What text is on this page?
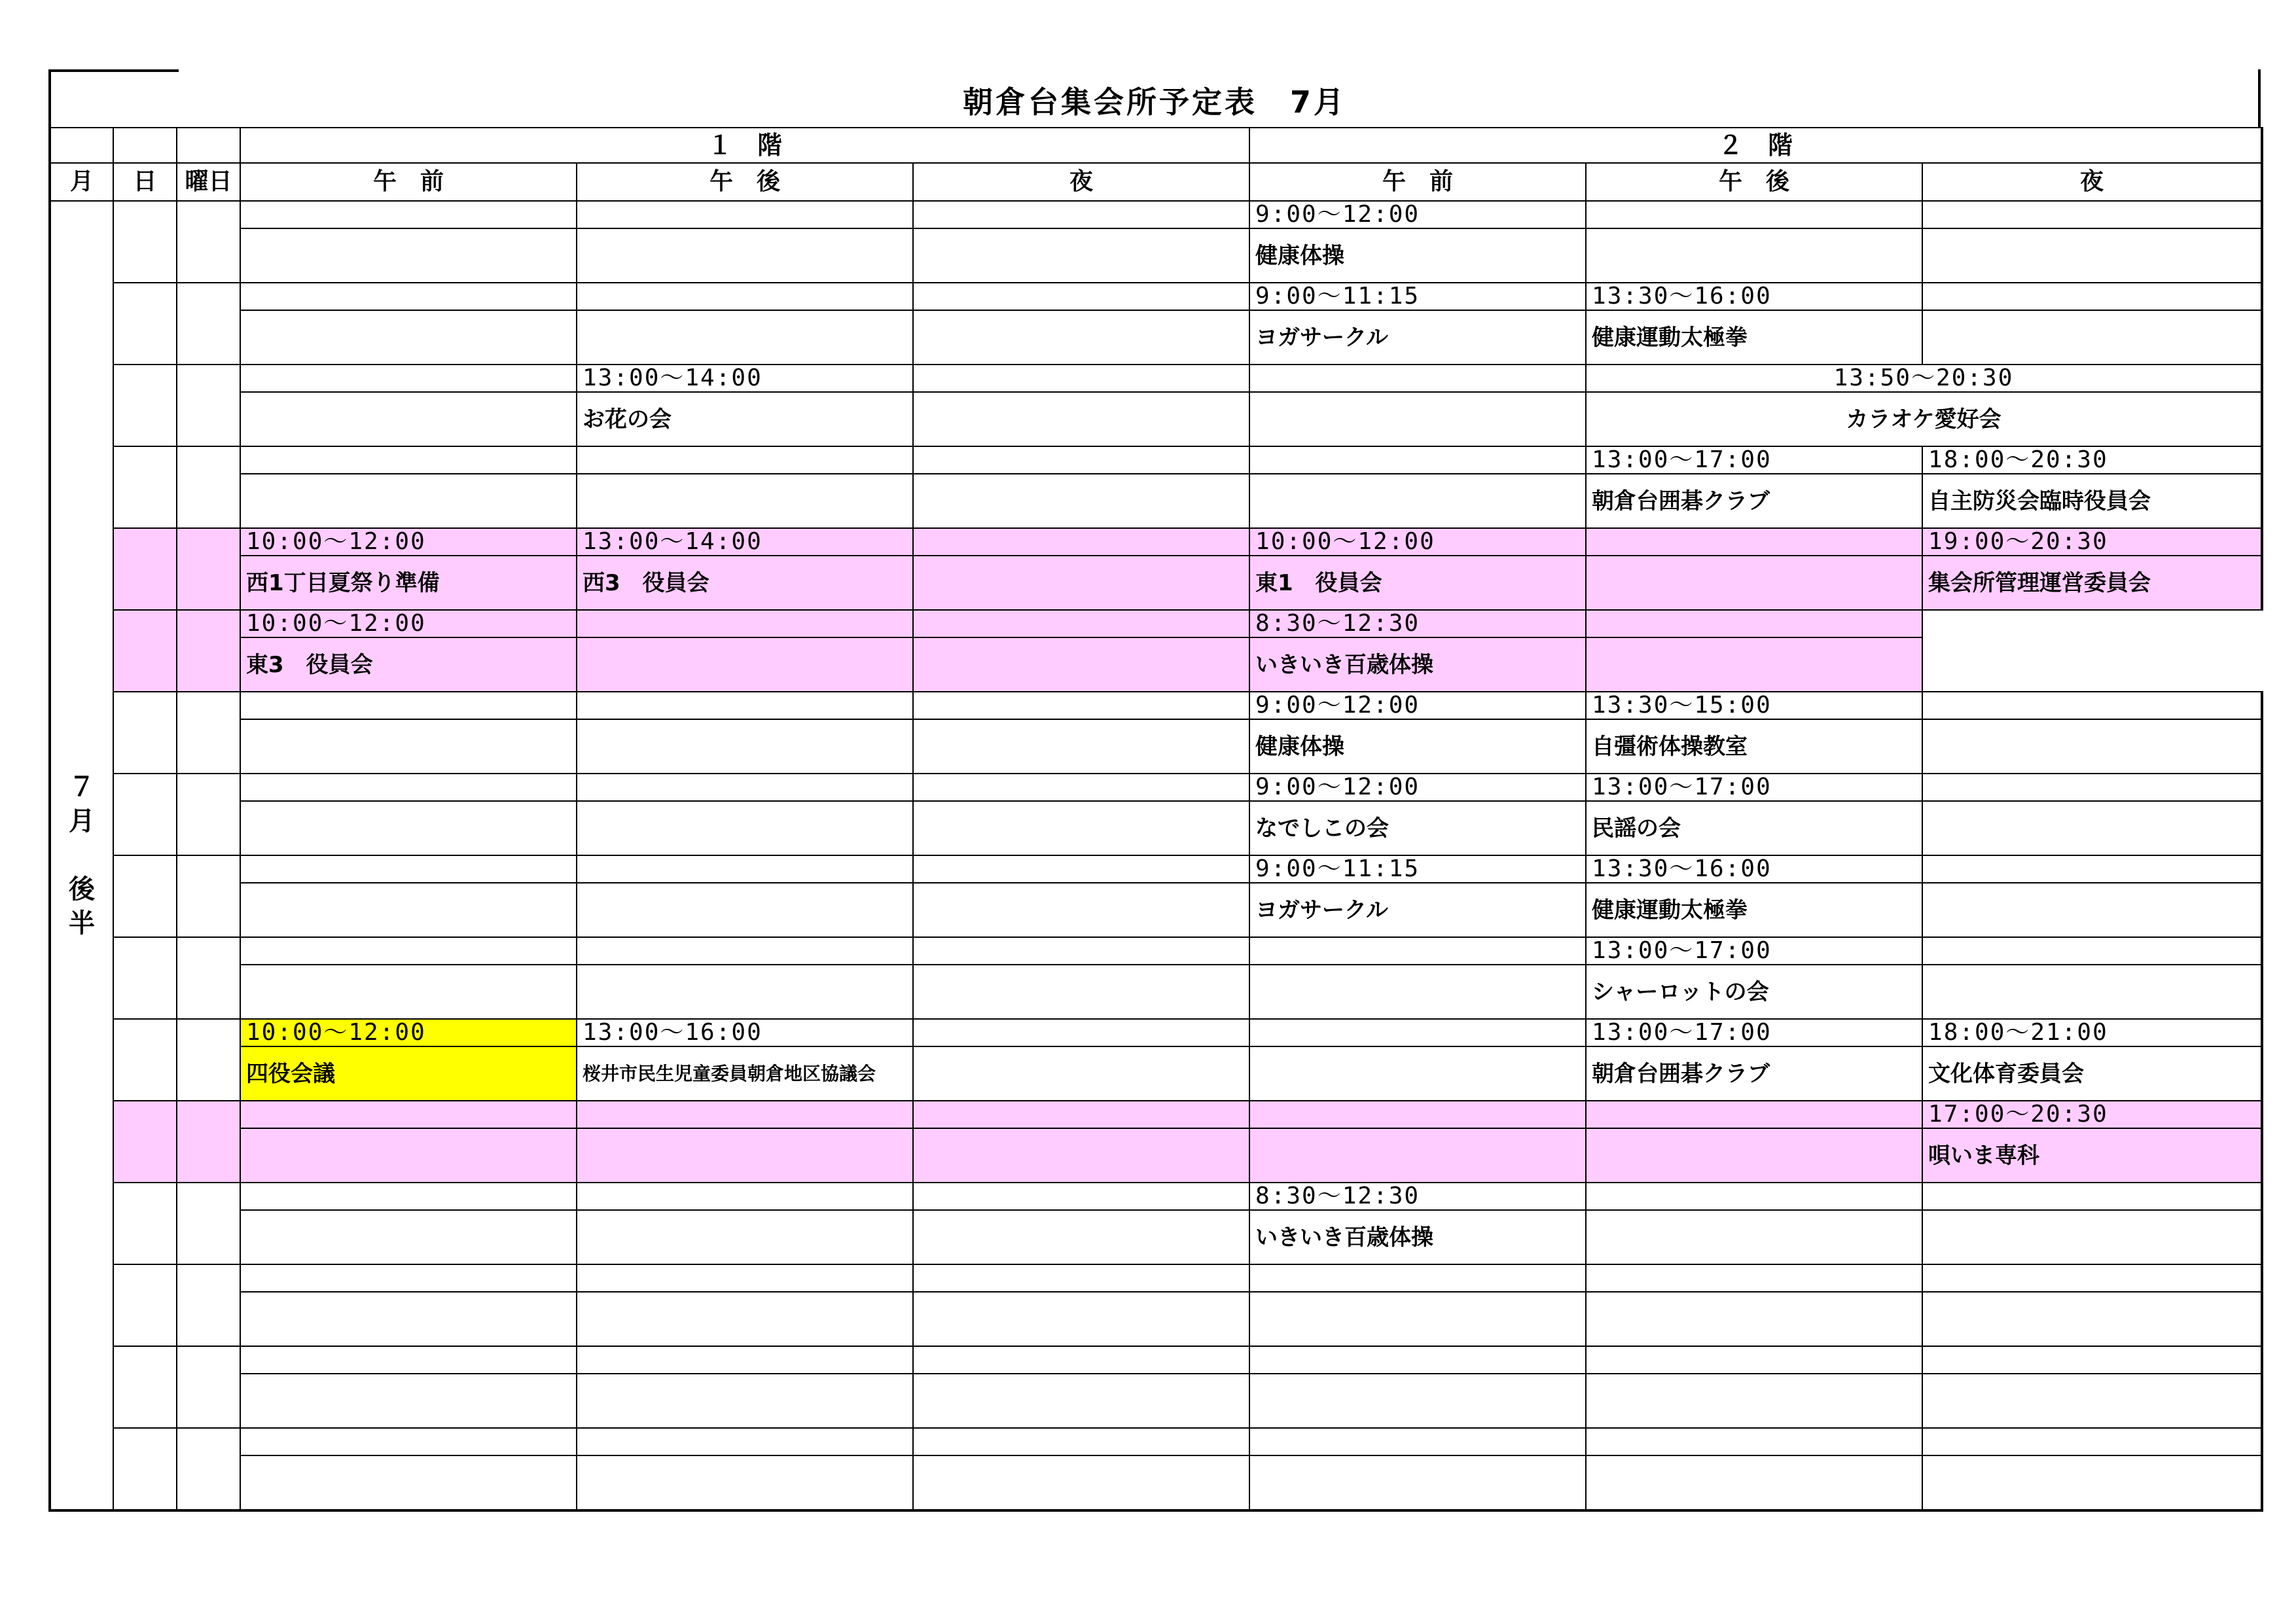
朝倉台集会所予定表　7月
			１　階			２　階		
月	日	曜日	午　前	午　後	夜	午　前	午　後	夜

７
月

後
半						9:00～12:00		
						健康体操		
						9:00～11:15	13:30～16:00	
						ヨガサークル	健康運動太極拳	
				13:00～14:00			13:50～20:30	
				お花の会			カラオケ愛好会	
							13:00～17:00	18:00～20:30
							朝倉台囲碁クラブ	自主防災会臨時役員会
			10:00～12:00	13:00～14:00		10:00～12:00		19:00～20:30
			西1丁目夏祭り準備	西3　役員会		東1　役員会		集会所管理運営委員会
			10:00～12:00			8:30～12:30		
			東3　役員会			いきいき百歳体操		
						9:00～12:00	13:30～15:00	
						健康体操	自彊術体操教室	
						9:00～12:00	13:00～17:00	
						なでしこの会	民謡の会	
						9:00～11:15	13:30～16:00	
						ヨガサークル	健康運動太極拳	
							13:00～17:00	
							シャーロットの会	
			10:00～12:00	13:00～16:00			13:00～17:00	18:00～21:00
			四役会議	桜井市民生児童委員朝倉地区協議会			朝倉台囲碁クラブ	文化体育委員会
								17:00～20:30
								唄いま専科
						8:30～12:30		
						いきいき百歳体操		
